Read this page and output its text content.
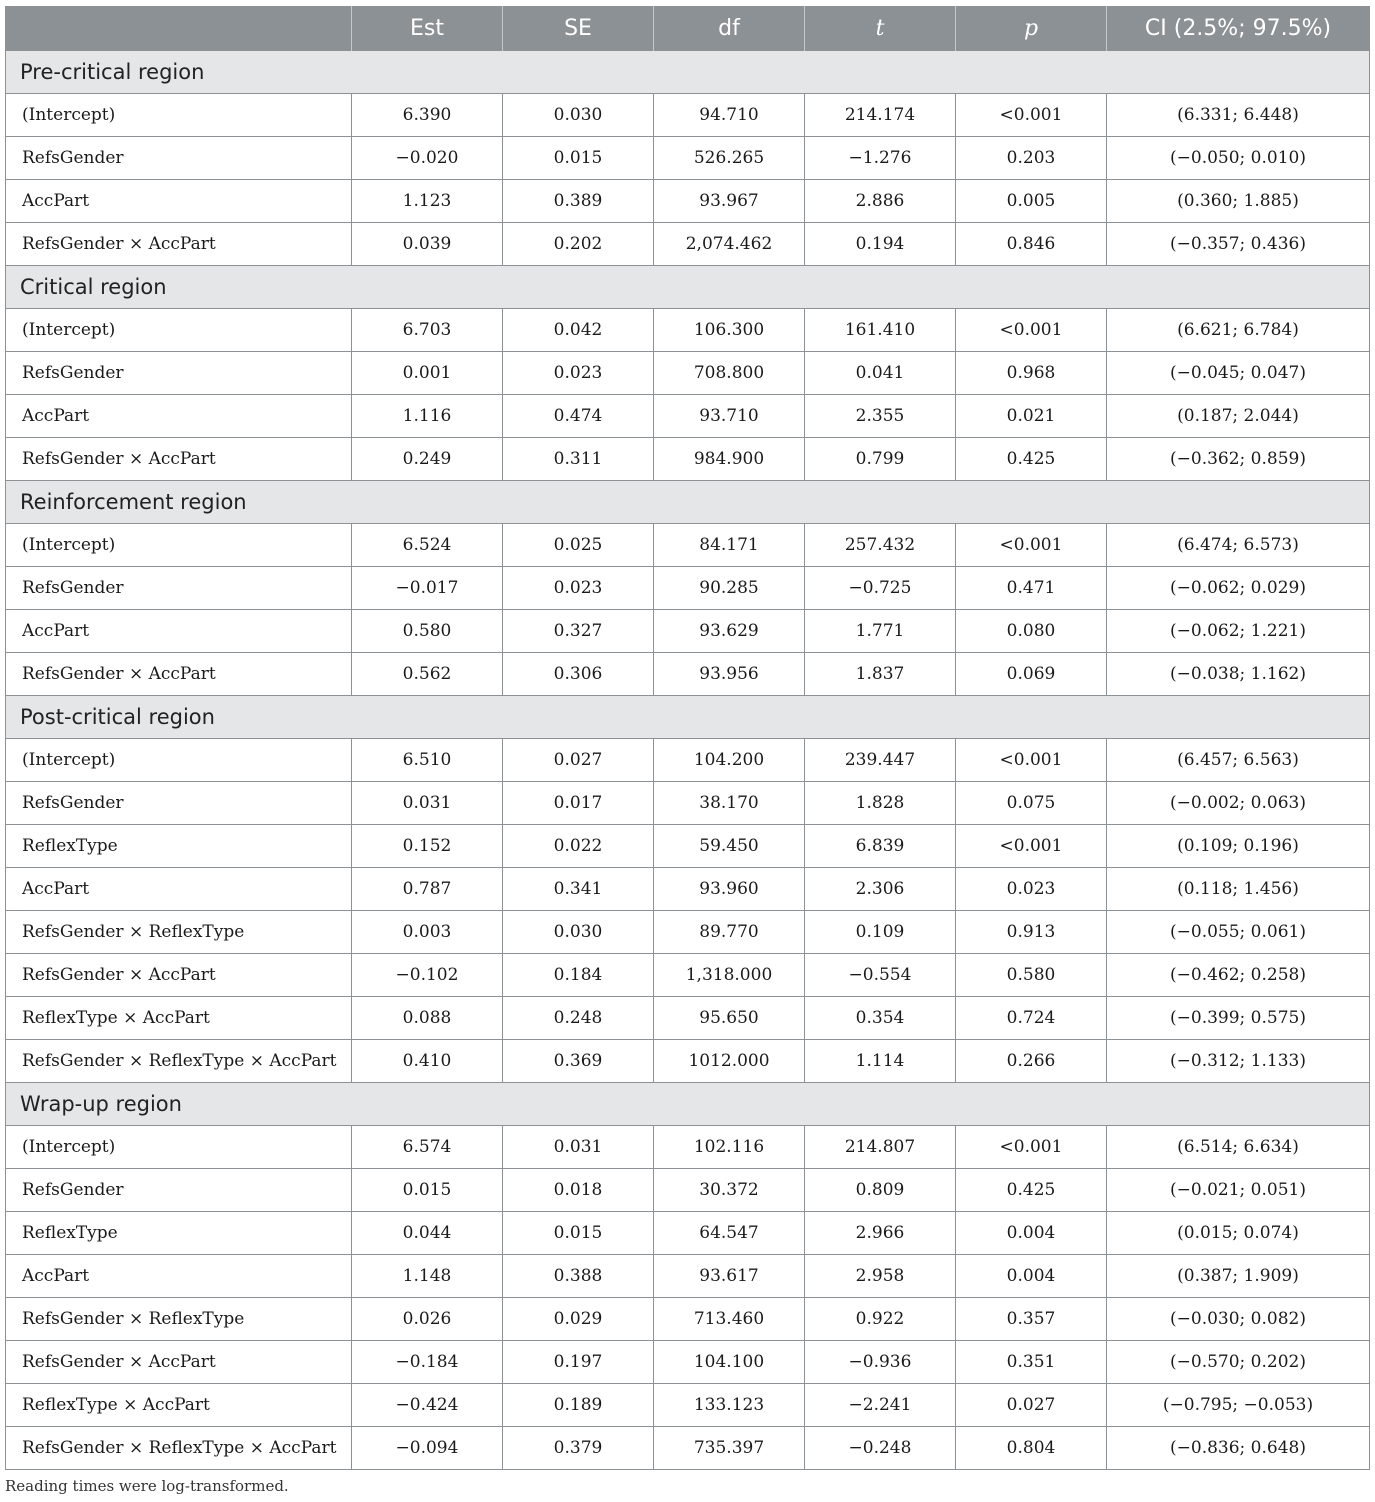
	Est	SE	df	t	p	CI (2.5%; 97.5%)
Pre-critical region						
(Intercept)	6.390	0.030	94.710	214.174	<0.001	(6.331; 6.448)
RefsGender	−0.020	0.015	526.265	−1.276	0.203	(−0.050; 0.010)
AccPart	1.123	0.389	93.967	2.886	0.005	(0.360; 1.885)
RefsGender × AccPart	0.039	0.202	2,074.462	0.194	0.846	(−0.357; 0.436)
Critical region						
(Intercept)	6.703	0.042	106.300	161.410	<0.001	(6.621; 6.784)
RefsGender	0.001	0.023	708.800	0.041	0.968	(−0.045; 0.047)
AccPart	1.116	0.474	93.710	2.355	0.021	(0.187; 2.044)
RefsGender × AccPart	0.249	0.311	984.900	0.799	0.425	(−0.362; 0.859)
Reinforcement region						
(Intercept)	6.524	0.025	84.171	257.432	<0.001	(6.474; 6.573)
RefsGender	−0.017	0.023	90.285	−0.725	0.471	(−0.062; 0.029)
AccPart	0.580	0.327	93.629	1.771	0.080	(−0.062; 1.221)
RefsGender × AccPart	0.562	0.306	93.956	1.837	0.069	(−0.038; 1.162)
Post-critical region						
(Intercept)	6.510	0.027	104.200	239.447	<0.001	(6.457; 6.563)
RefsGender	0.031	0.017	38.170	1.828	0.075	(−0.002; 0.063)
ReflexType	0.152	0.022	59.450	6.839	<0.001	(0.109; 0.196)
AccPart	0.787	0.341	93.960	2.306	0.023	(0.118; 1.456)
RefsGender × ReflexType	0.003	0.030	89.770	0.109	0.913	(−0.055; 0.061)
RefsGender × AccPart	−0.102	0.184	1,318.000	−0.554	0.580	(−0.462; 0.258)
ReflexType × AccPart	0.088	0.248	95.650	0.354	0.724	(−0.399; 0.575)
RefsGender × ReflexType × AccPart	0.410	0.369	1012.000	1.114	0.266	(−0.312; 1.133)
Wrap-up region						
(Intercept)	6.574	0.031	102.116	214.807	<0.001	(6.514; 6.634)
RefsGender	0.015	0.018	30.372	0.809	0.425	(−0.021; 0.051)
ReflexType	0.044	0.015	64.547	2.966	0.004	(0.015; 0.074)
AccPart	1.148	0.388	93.617	2.958	0.004	(0.387; 1.909)
RefsGender × ReflexType	0.026	0.029	713.460	0.922	0.357	(−0.030; 0.082)
RefsGender × AccPart	−0.184	0.197	104.100	−0.936	0.351	(−0.570; 0.202)
ReflexType × AccPart	−0.424	0.189	133.123	−2.241	0.027	(−0.795; −0.053)
RefsGender × ReflexType × AccPart	−0.094	0.379	735.397	−0.248	0.804	(−0.836; 0.648)
Reading times were log-transformed.
